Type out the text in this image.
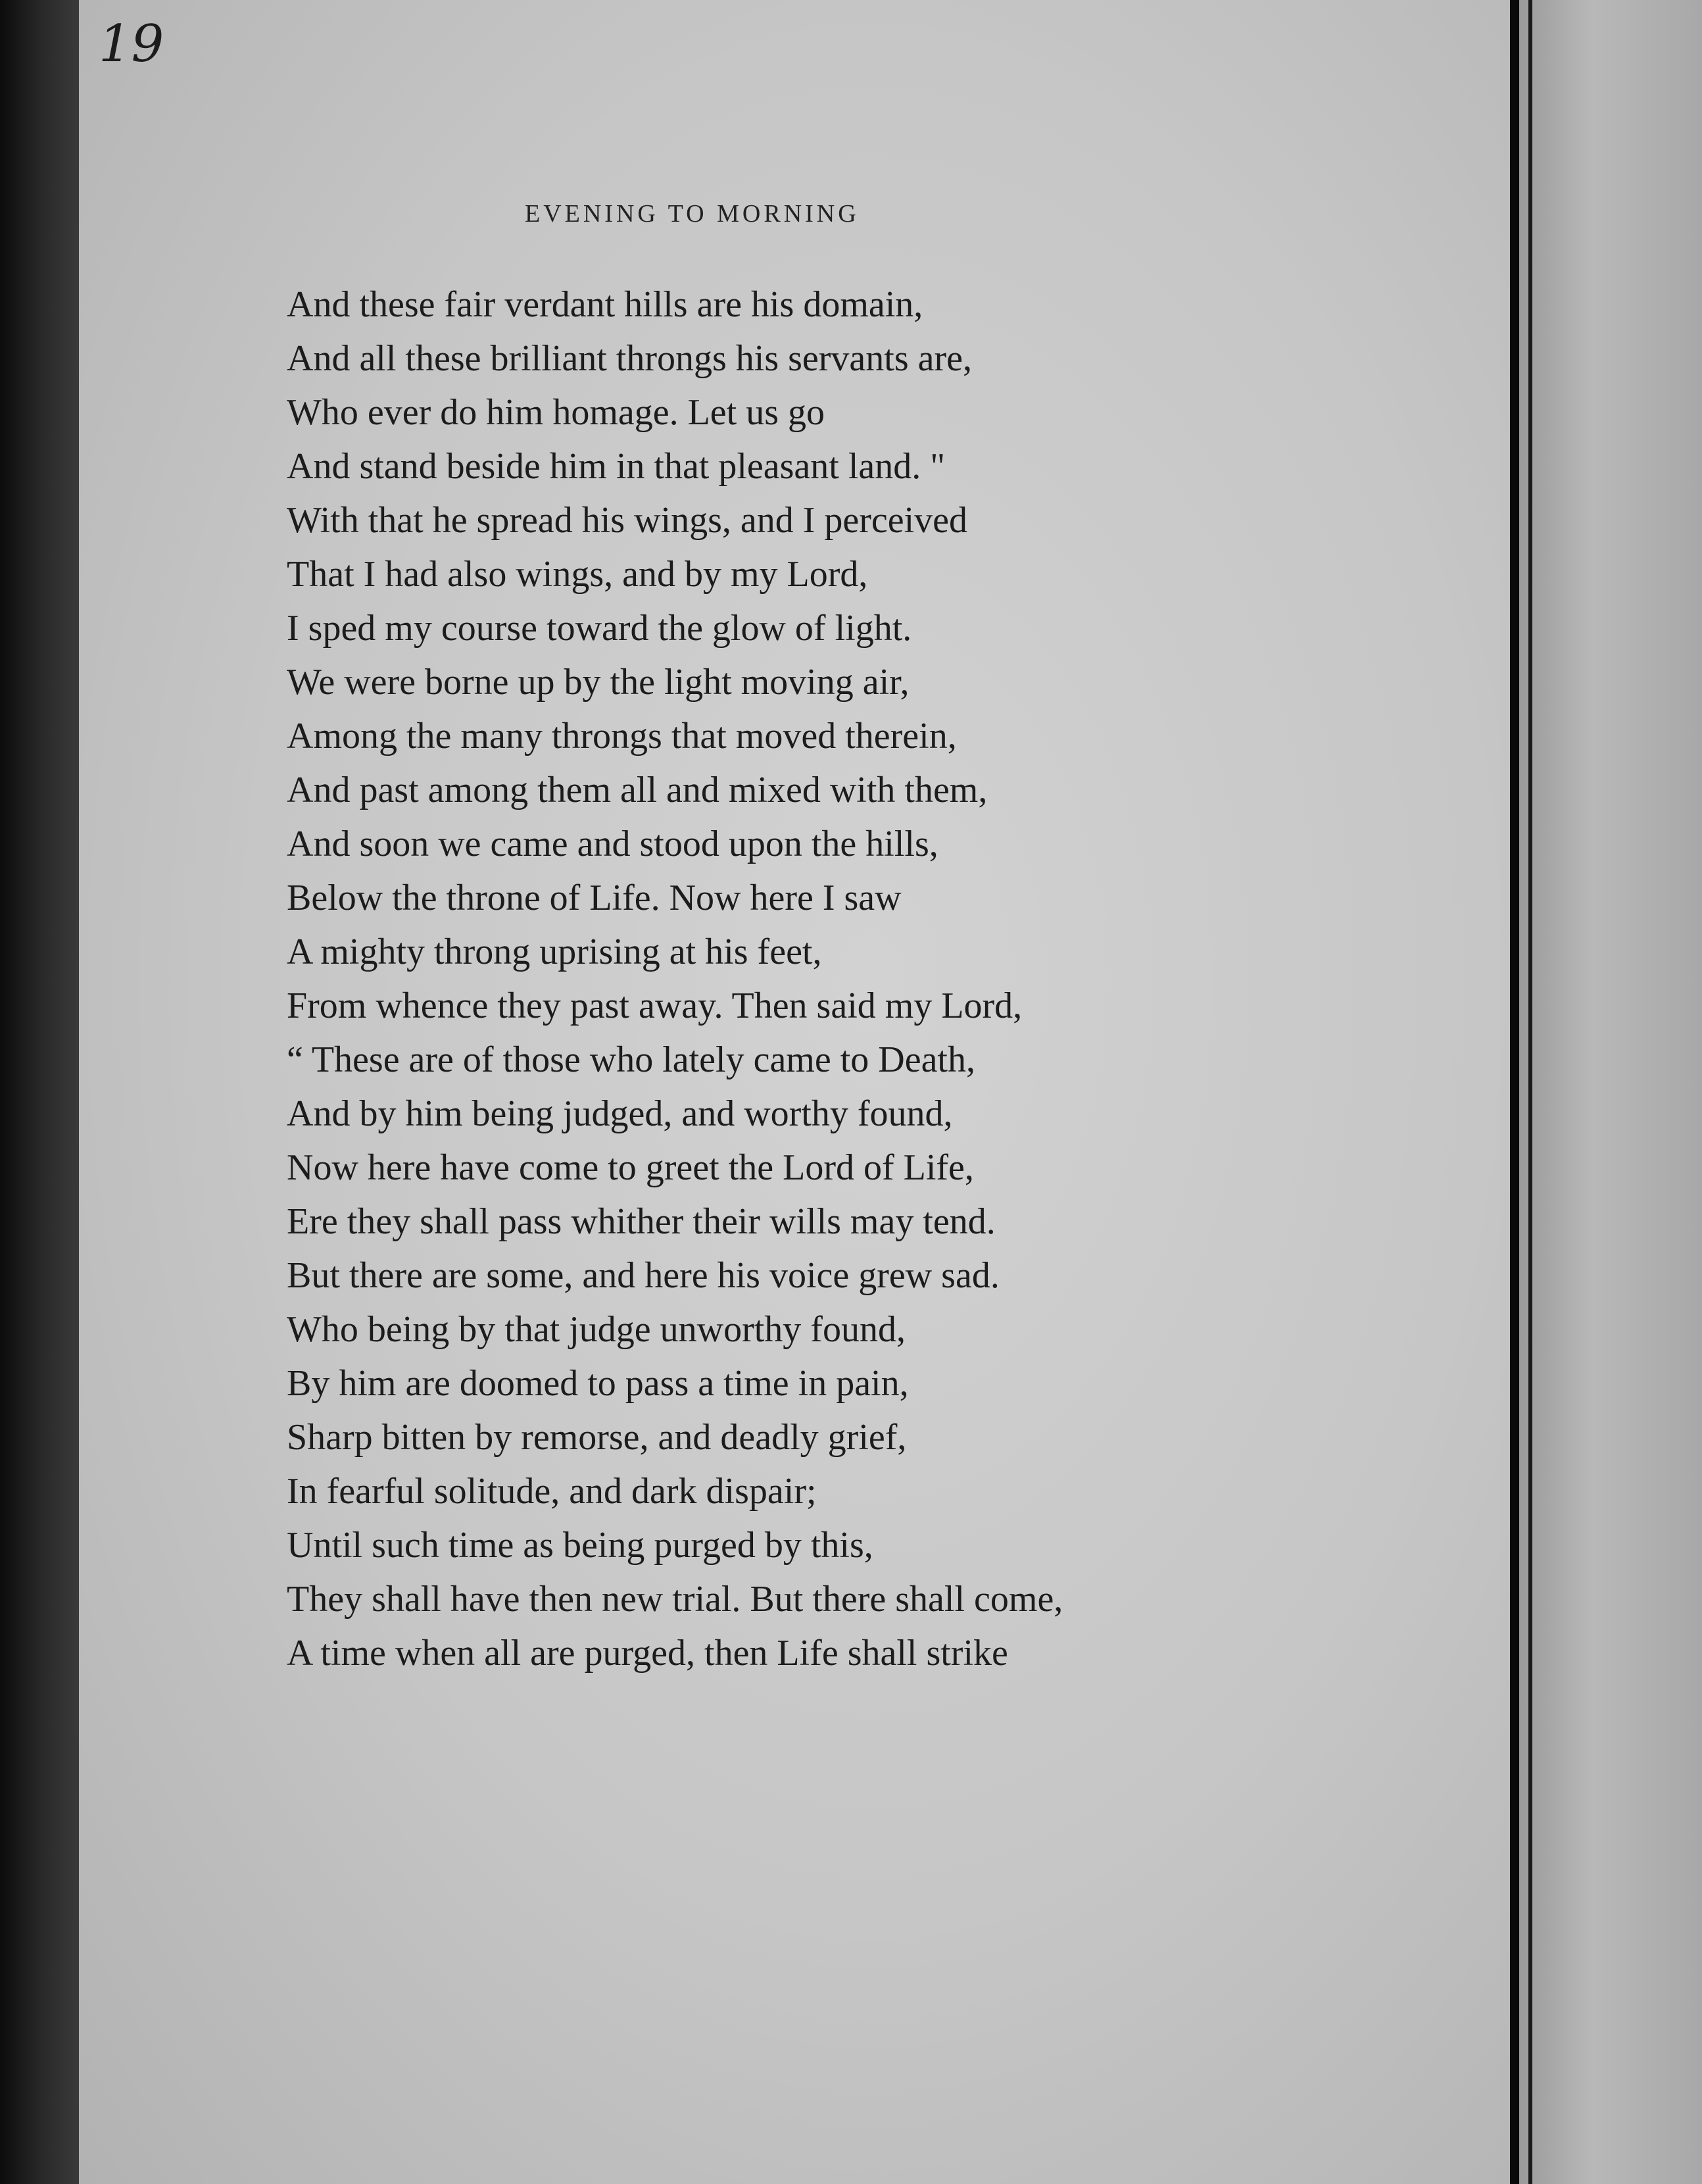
19
EVENING TO MORNING
And these fair verdant hills are his domain,
And all these brilliant throngs his servants are,
Who ever do him homage. Let us go
And stand beside him in that pleasant land. "
With that he spread his wings, and I perceived
That I had also wings, and by my Lord,
I sped my course toward the glow of light.
We were borne up by the light moving air,
Among the many throngs that moved therein,
And past among them all and mixed with them,
And soon we came and stood upon the hills,
Below the throne of Life. Now here I saw
A mighty throng uprising at his feet,
From whence they past away. Then said my Lord,
“ These are of those who lately came to Death,
And by him being judged, and worthy found,
Now here have come to greet the Lord of Life,
Ere they shall pass whither their wills may tend.
But there are some, and here his voice grew sad.
Who being by that judge unworthy found,
By him are doomed to pass a time in pain,
Sharp bitten by remorse, and deadly grief,
In fearful solitude, and dark dispair;
Until such time as being purged by this,
They shall have then new trial. But there shall come,
A time when all are purged, then Life shall strike
